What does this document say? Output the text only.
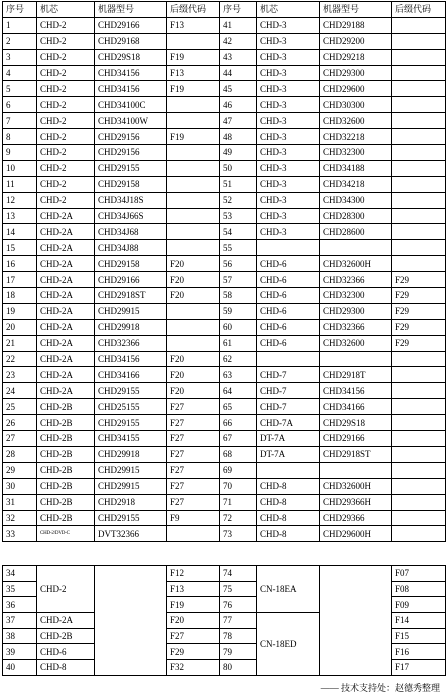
序号	机芯	机器型号	后缀代码	序号	机芯	机器型号	后缀代码
1	CHD-2	CHD29166	F13	41	CHD-3	CHD29188	
2	CHD-2	CHD29168		42	CHD-3	CHD29200	
3	CHD-2	CHD29S18	F19	43	CHD-3	CHD29218	
4	CHD-2	CHD34156	F13	44	CHD-3	CHD29300	
5	CHD-2	CHD34156	F19	45	CHD-3	CHD29600	
6	CHD-2	CHD34100C		46	CHD-3	CHD30300	
7	CHD-2	CHD34100W		47	CHD-3	CHD32600	
8	CHD-2	CHD29156	F19	48	CHD-3	CHD32218	
9	CHD-2	CHD29156		49	CHD-3	CHD32300	
10	CHD-2	CHD29155		50	CHD-3	CHD34188	
11	CHD-2	CHD29158		51	CHD-3	CHD34218	
12	CHD-2	CHD34J18S		52	CHD-3	CHD34300	
13	CHD-2A	CHD34J66S		53	CHD-3	CHD28300	
14	CHD-2A	CHD34J68		54	CHD-3	CHD28600	
15	CHD-2A	CHD34J88		55			
16	CHD-2A	CHD29158	F20	56	CHD-6	CHD32600H	
17	CHD-2A	CHD29166	F20	57	CHD-6	CHD32366	F29
18	CHD-2A	CHD2918ST	F20	58	CHD-6	CHD32300	F29
19	CHD-2A	CHD29915		59	CHD-6	CHD29300	F29
20	CHD-2A	CHD29918		60	CHD-6	CHD32366	F29
21	CHD-2A	CHD32366		61	CHD-6	CHD32600	F29
22	CHD-2A	CHD34156	F20	62			
23	CHD-2A	CHD34166	F20	63	CHD-7	CHD2918T	
24	CHD-2A	CHD29155	F20	64	CHD-7	CHD34156	
25	CHD-2B	CHD25155	F27	65	CHD-7	CHD34166	
26	CHD-2B	CHD29155	F27	66	CHD-7A	CHD29S18	
27	CHD-2B	CHD34155	F27	67	DT-7A	CHD29166	
28	CHD-2B	CHD29918	F27	68	DT-7A	CHD2918ST	
29	CHD-2B	CHD29915	F27	69			
30	CHD-2B	CHD29915	F27	70	CHD-8	CHD32600H	
31	CHD-2B	CHD2918	F27	71	CHD-8	CHD29366H	
32	CHD-2B	CHD29155	F9	72	CHD-8	CHD29366	
33	CHD-2/DVD-C	DVT32366		73	CHD-8	CHD29600H	
34	CHD-2		F12	74	CN-18EA		F07
35			F13	75			F08
36			F19	76			F09
37	CHD-2A		F20	77	CN-18ED		F14
38	CHD-2B		F27	78			F15
39	CHD-6		F29	79			F16
40	CHD-8		F32	80			F17
—— 技术支持处：赵德秀整理
